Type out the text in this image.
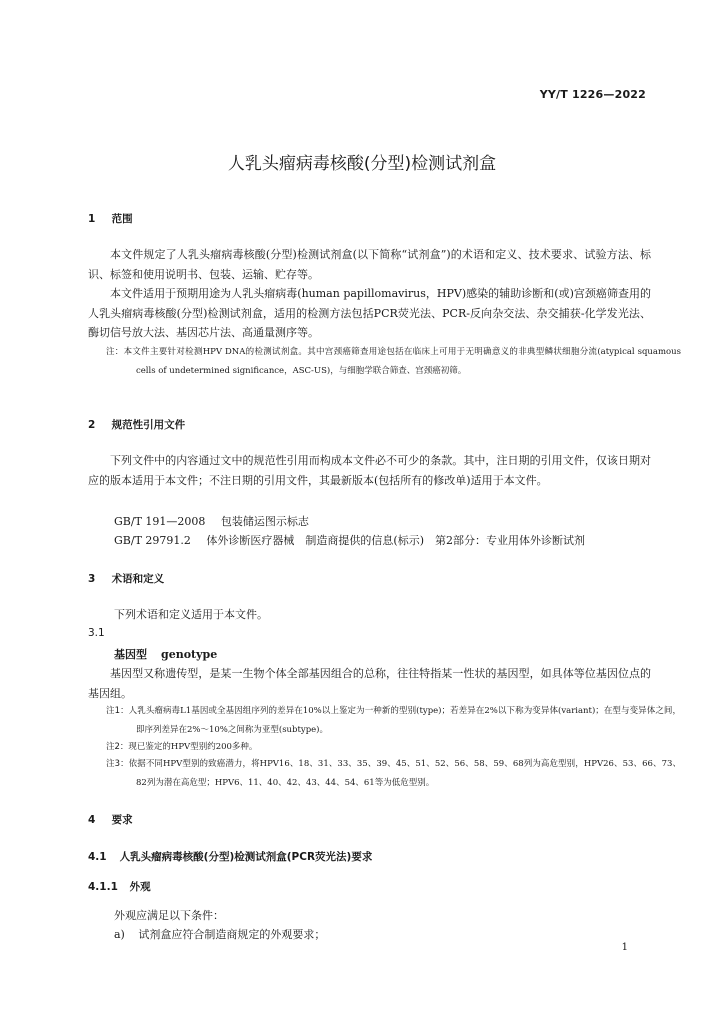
YY/T 1226—2022
人乳头瘤病毒核酸(分型)检测试剂盒
1 范围

本文件规定了人乳头瘤病毒核酸(分型)检测试剂盒(以下简称“试剂盒”)的术语和定义、技术要求、试验方法、标识、标签和使用说明书、包装、运输、贮存等。

本文件适用于预期用途为人乳头瘤病毒(human papillomavirus，HPV)感染的辅助诊断和(或)宫颈癌筛查用的人乳头瘤病毒核酸(分型)检测试剂盒，适用的检测方法包括PCR荧光法、PCR-反向杂交法、杂交捕获-化学发光法、酶切信号放大法、基因芯片法、高通量测序等。

注：本文件主要针对检测HPV DNA的检测试剂盒。其中宫颈癌筛查用途包括在临床上可用于无明确意义的非典型鳞状细胞分流(atypical squamous cells of undetermined significance，ASC-US)，与细胞学联合筛查、宫颈癌初筛。

2 规范性引用文件

下列文件中的内容通过文中的规范性引用而构成本文件必不可少的条款。其中，注日期的引用文件，仅该日期对应的版本适用于本文件；不注日期的引用文件，其最新版本(包括所有的修改单)适用于本文件。

GB/T 191—2008 包装储运图示标志
GB/T 29791.2 体外诊断医疗器械　制造商提供的信息(标示)　第2部分：专业用体外诊断试剂
3 术语和定义
下列术语和定义适用于本文件。
3.1
基因型 genotype

基因型又称遗传型，是某一生物个体全部基因组合的总称，往往特指某一性状的基因型，如具体等位基因位点的基因组。

注1：人乳头瘤病毒L1基因或全基因组序列的差异在10%以上鉴定为一种新的型别(type)；若差异在2%以下称为变异体(variant)；在型与变异体之间，即序列差异在2%～10%之间称为亚型(subtype)。

注2：现已鉴定的HPV型别约200多种。

注3：依据不同HPV型别的致癌潜力，将HPV16、18、31、33、35、39、45、51、52、56、58、59、68列为高危型别，HPV26、53、66、73、82列为潜在高危型；HPV6、11、40、42、43、44、54、61等为低危型别。

4 要求
4.1 人乳头瘤病毒核酸(分型)检测试剂盒(PCR荧光法)要求
4.1.1 外观
外观应满足以下条件：
a) 试剂盒应符合制造商规定的外观要求；
1
